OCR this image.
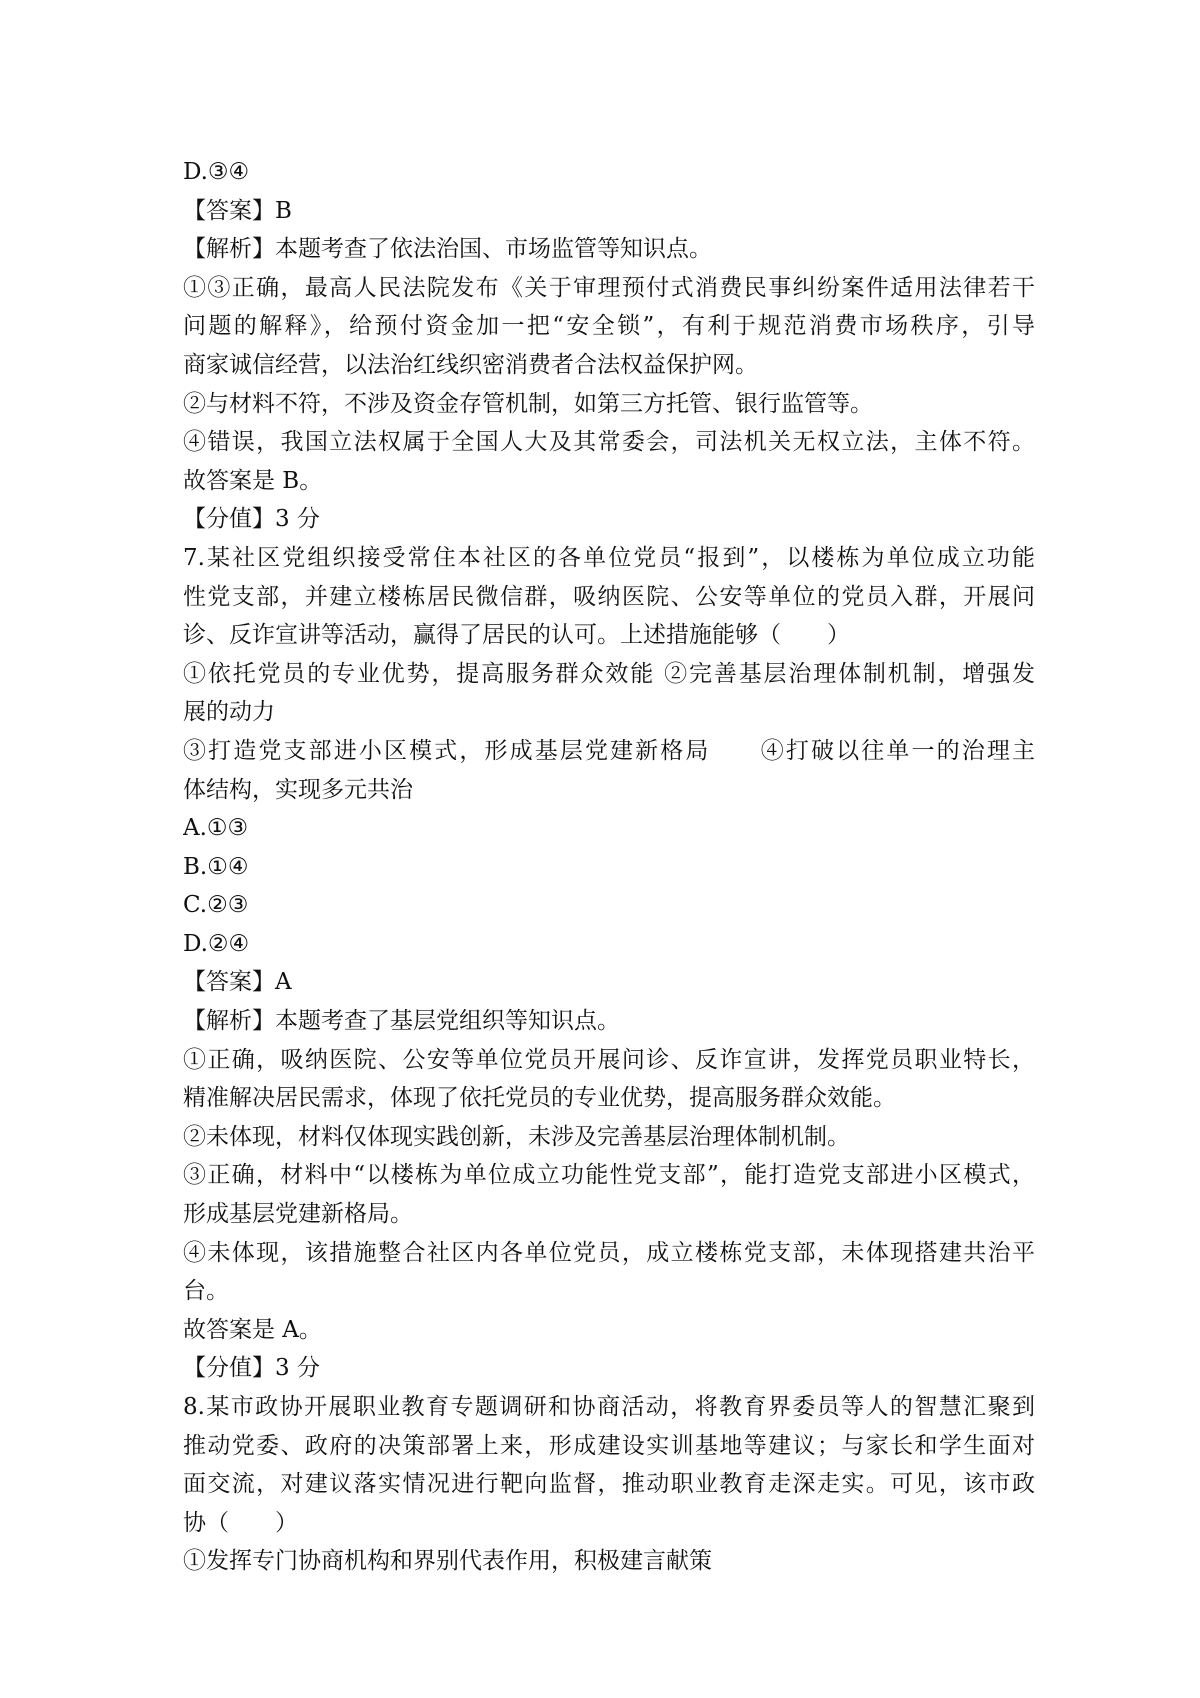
D.③④
【答案】B
【解析】本题考查了依法治国、市场监管等知识点。
①③正确，最高人民法院发布《关于审理预付式消费民事纠纷案件适用法律若干
问题的解释》，给预付资金加一把“安全锁”，有利于规范消费市场秩序，引导
商家诚信经营，以法治红线织密消费者合法权益保护网。
②与材料不符，不涉及资金存管机制，如第三方托管、银行监管等。
④错误，我国立法权属于全国人大及其常委会，司法机关无权立法，主体不符。
故答案是 B。
【分值】3 分
7.某社区党组织接受常住本社区的各单位党员“报到”，以楼栋为单位成立功能
性党支部，并建立楼栋居民微信群，吸纳医院、公安等单位的党员入群，开展问
诊、反诈宣讲等活动，赢得了居民的认可。上述措施能够（　　）
①依托党员的专业优势，提高服务群众效能 ②完善基层治理体制机制，增强发
展的动力
③打造党支部进小区模式，形成基层党建新格局　　④打破以往单一的治理主
体结构，实现多元共治
A.①③
B.①④
C.②③
D.②④
【答案】A
【解析】本题考查了基层党组织等知识点。
①正确，吸纳医院、公安等单位党员开展问诊、反诈宣讲，发挥党员职业特长，
精准解决居民需求，体现了依托党员的专业优势，提高服务群众效能。
②未体现，材料仅体现实践创新，未涉及完善基层治理体制机制。
③正确，材料中“以楼栋为单位成立功能性党支部”，能打造党支部进小区模式，
形成基层党建新格局。
④未体现，该措施整合社区内各单位党员，成立楼栋党支部，未体现搭建共治平
台。
故答案是 A。
【分值】3 分
8.某市政协开展职业教育专题调研和协商活动，将教育界委员等人的智慧汇聚到
推动党委、政府的决策部署上来，形成建设实训基地等建议；与家长和学生面对
面交流，对建议落实情况进行靶向监督，推动职业教育走深走实。可见，该市政
协（　　）
①发挥专门协商机构和界别代表作用，积极建言献策
